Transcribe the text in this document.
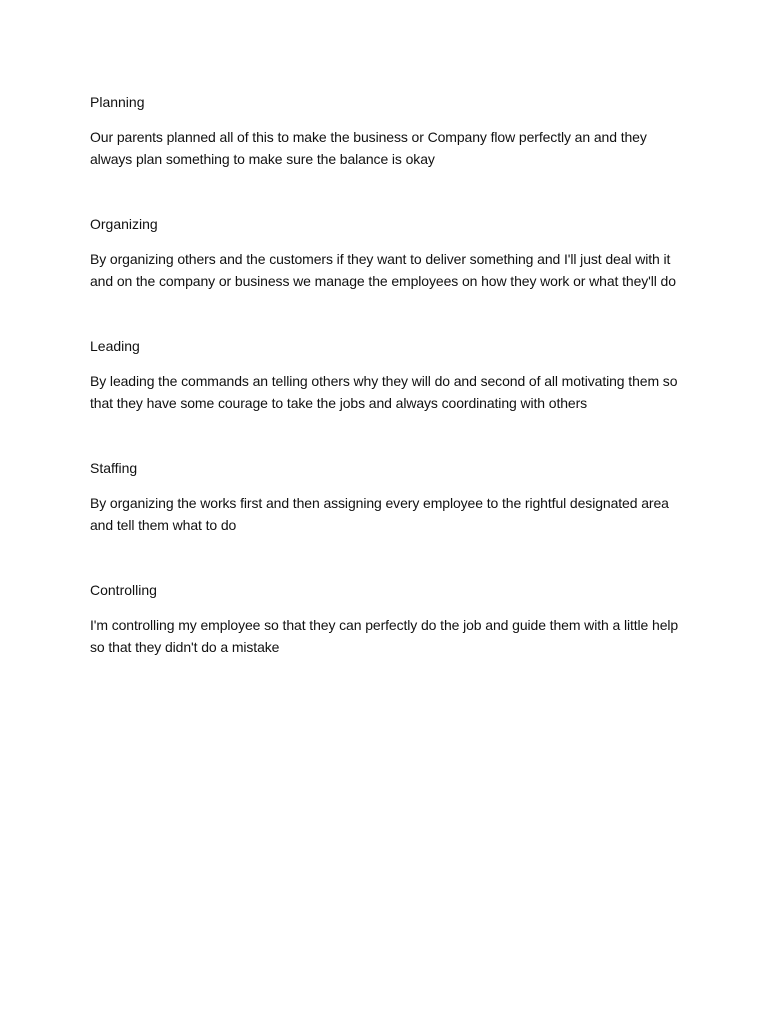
Planning

Our parents planned all of this to make the business or Company flow perfectly an and they always plan something to make sure the balance is okay

Organizing

By organizing others and the customers if they want to deliver something and I'll just deal with it and on the company or business we manage the employees on how they work or what they'll do

Leading

By leading the commands an telling others why they will do and second of all motivating them so that they have some courage to take the jobs and always coordinating with others

Staffing

By organizing the works first and then assigning every employee to the rightful designated area and tell them what to do

Controlling

I'm controlling my employee so that they can perfectly do the job and guide them with a little help so that they didn't do a mistake
